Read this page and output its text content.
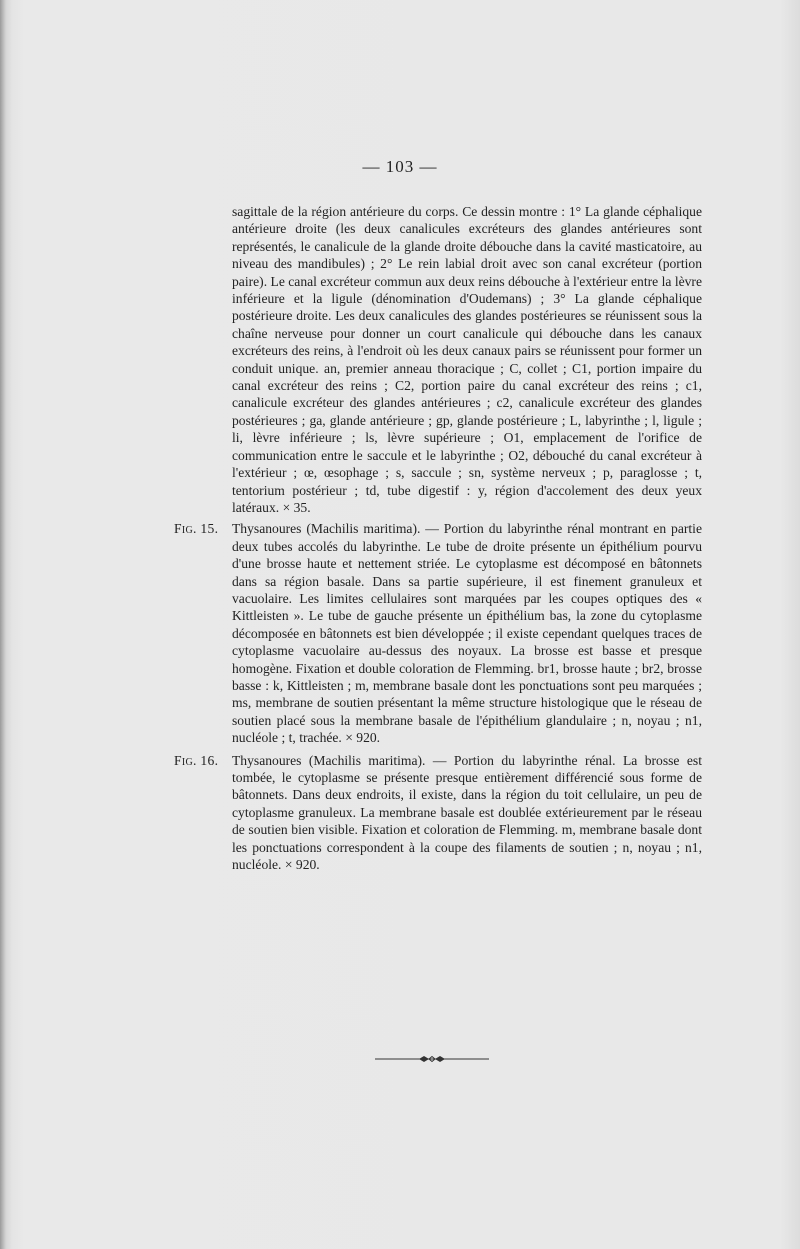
— 103 —

sagittale de la région antérieure du corps. Ce dessin montre : 1° La glande céphalique antérieure droite (les deux canalicules excréteurs des glandes antérieures sont représentés, le canalicule de la glande droite débouche dans la cavité masticatoire, au niveau des mandibules) ; 2° Le rein labial droit avec son canal excréteur (portion paire). Le canal excréteur commun aux deux reins débouche à l'extérieur entre la lèvre inférieure et la ligule (dénomination d'Oudemans) ; 3° La glande céphalique postérieure droite. Les deux canalicules des glandes postérieures se réunissent sous la chaîne nerveuse pour donner un court canalicule qui débouche dans les canaux excréteurs des reins, à l'endroit où les deux canaux pairs se réunissent pour former un conduit unique. an, premier anneau thoracique ; C, collet ; C1, portion impaire du canal excréteur des reins ; C2, portion paire du canal excréteur des reins ; c1, canalicule excréteur des glandes antérieures ; c2, canalicule excréteur des glandes postérieures ; ga, glande antérieure ; gp, glande postérieure ; L, labyrinthe ; l, ligule ; li, lèvre inférieure ; ls, lèvre supérieure ; O1, emplacement de l'orifice de communication entre le saccule et le labyrinthe ; O2, débouché du canal excréteur à l'extérieur ; œ, œsophage ; s, saccule ; sn, système nerveux ; p, paraglosse ; t, tentorium postérieur ; td, tube digestif : y, région d'accolement des deux yeux latéraux. × 35.

Fig. 15. Thysanoures (Machilis maritima). — Portion du labyrinthe rénal montrant en partie deux tubes accolés du labyrinthe. Le tube de droite présente un épithélium pourvu d'une brosse haute et nettement striée. Le cytoplasme est décomposé en bâtonnets dans sa région basale. Dans sa partie supérieure, il est finement granuleux et vacuolaire. Les limites cellulaires sont marquées par les coupes optiques des « Kittleisten ». Le tube de gauche présente un épithélium bas, la zone du cytoplasme décomposée en bâtonnets est bien développée ; il existe cependant quelques traces de cytoplasme vacuolaire au-dessus des noyaux. La brosse est basse et presque homogène. Fixation et double coloration de Flemming. br1, brosse haute ; br2, brosse basse : k, Kittleisten ; m, membrane basale dont les ponctuations sont peu marquées ; ms, membrane de soutien présentant la même structure histologique que le réseau de soutien placé sous la membrane basale de l'épithélium glandulaire ; n, noyau ; n1, nucléole ; t, trachée. × 920.

Fig. 16. Thysanoures (Machilis maritima). — Portion du labyrinthe rénal. La brosse est tombée, le cytoplasme se présente presque entièrement différencié sous forme de bâtonnets. Dans deux endroits, il existe, dans la région du toit cellulaire, un peu de cytoplasme granuleux. La membrane basale est doublée extérieurement par le réseau de soutien bien visible. Fixation et coloration de Flemming. m, membrane basale dont les ponctuations correspondent à la coupe des filaments de soutien ; n, noyau ; n1, nucléole. × 920.
